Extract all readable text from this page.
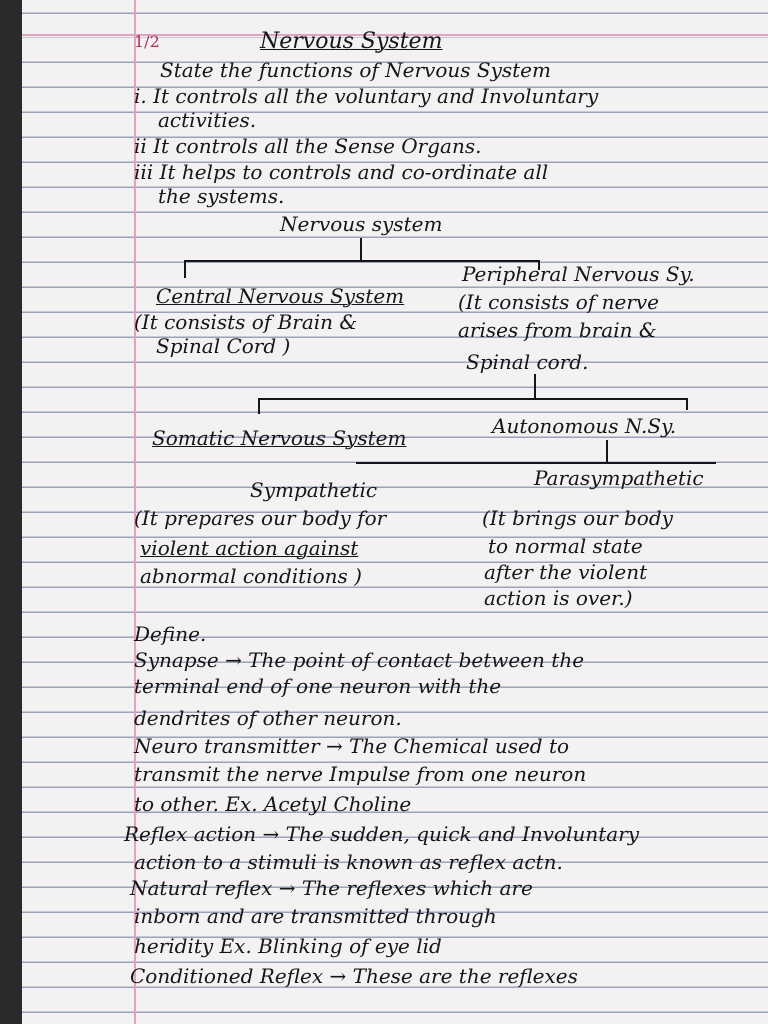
1/2	Nervous System
State the functions of Nervous System
i. It controls all the voluntary and Involuntary
activities.
ii It controls all the Sense Organs.
iii It helps to controls and co-ordinate all
the systems.
Nervous system
Central Nervous System
(It consists of Brain &
Spinal Cord )
Peripheral Nervous Sy.
(It consists of nerve
arises from brain &
Spinal cord.
Somatic Nervous System	Autonomous N.Sy.
Sympathetic
(It prepares our body for
violent action against
abnormal conditions )
Parasympathetic
(It brings our body
to normal state
after the violent
action is over.)
Define.
Synapse → The point of contact between the
terminal end of one neuron with the
dendrites of other neuron.
Neuro transmitter → The Chemical used to
transmit the nerve Impulse from one neuron
to other. Ex. Acetyl Choline
Reflex action → The sudden, quick and Involuntary
action to a stimuli is known as reflex actn.
Natural reflex → The reflexes which are
inborn and are transmitted through
heridity Ex. Blinking of eye lid
Conditioned Reflex → These are the reflexes
